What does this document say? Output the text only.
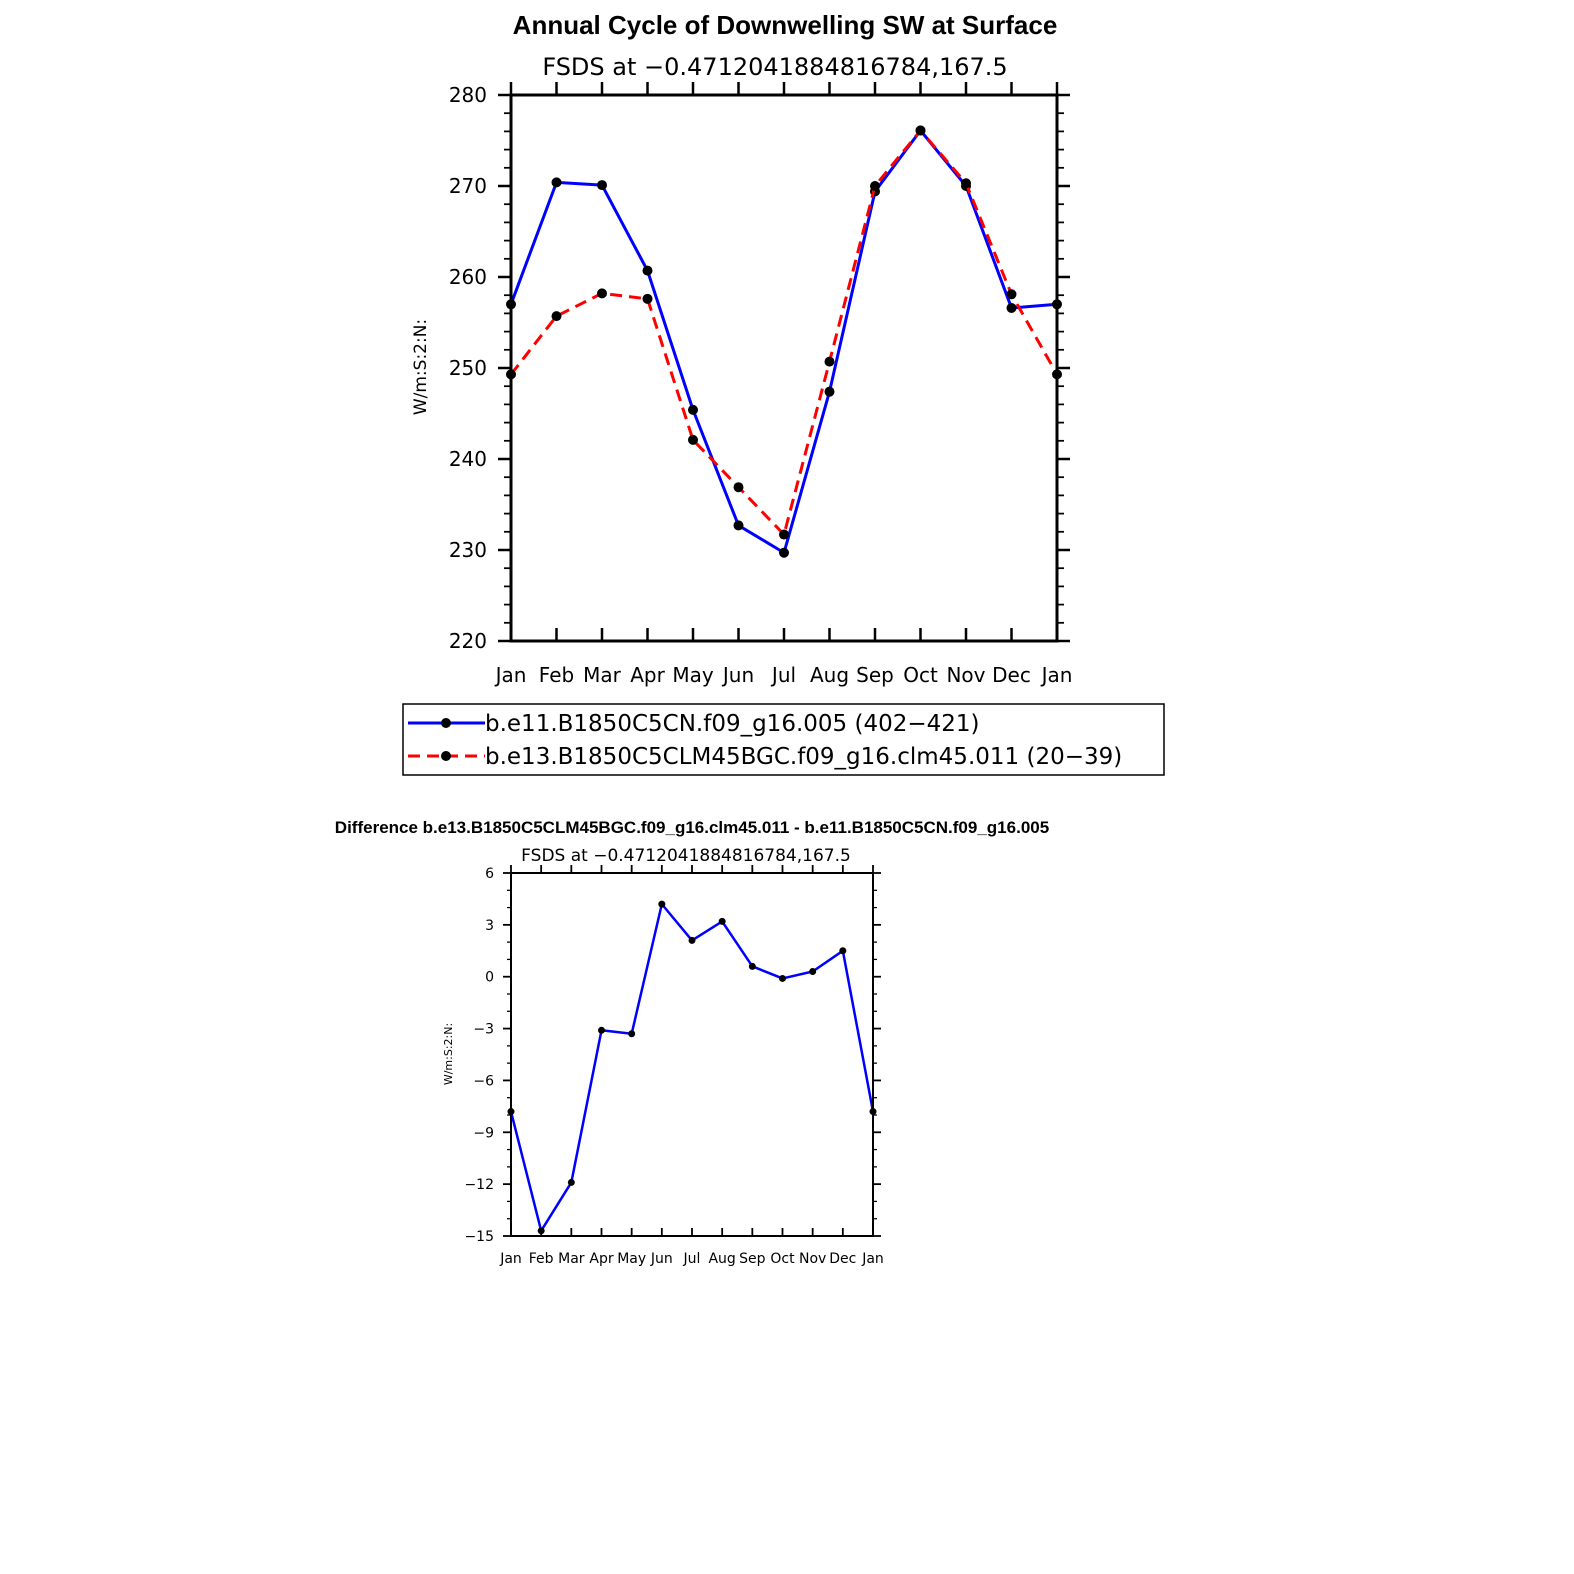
Annual Cycle of Downwelling SW at Surface
FSDS at −0.4712041884816784,167.5
W/m:S:2:N:
220
230
240
250
260
270
280
Jan Feb Mar Apr May Jun Jul Aug Sep Oct Nov Dec Jan
b.e11.B1850C5CN.f09_g16.005 (402−421)
b.e13.B1850C5CLM45BGC.f09_g16.clm45.011 (20−39)
Difference b.e13.B1850C5CLM45BGC.f09_g16.clm45.011 - b.e11.B1850C5CN.f09_g16.005
FSDS at −0.4712041884816784,167.5
W/m:S:2:N:
−15
−12
−9
−6
−3
0
3
6
Jan Feb Mar Apr May Jun Jul Aug Sep Oct Nov Dec Jan
